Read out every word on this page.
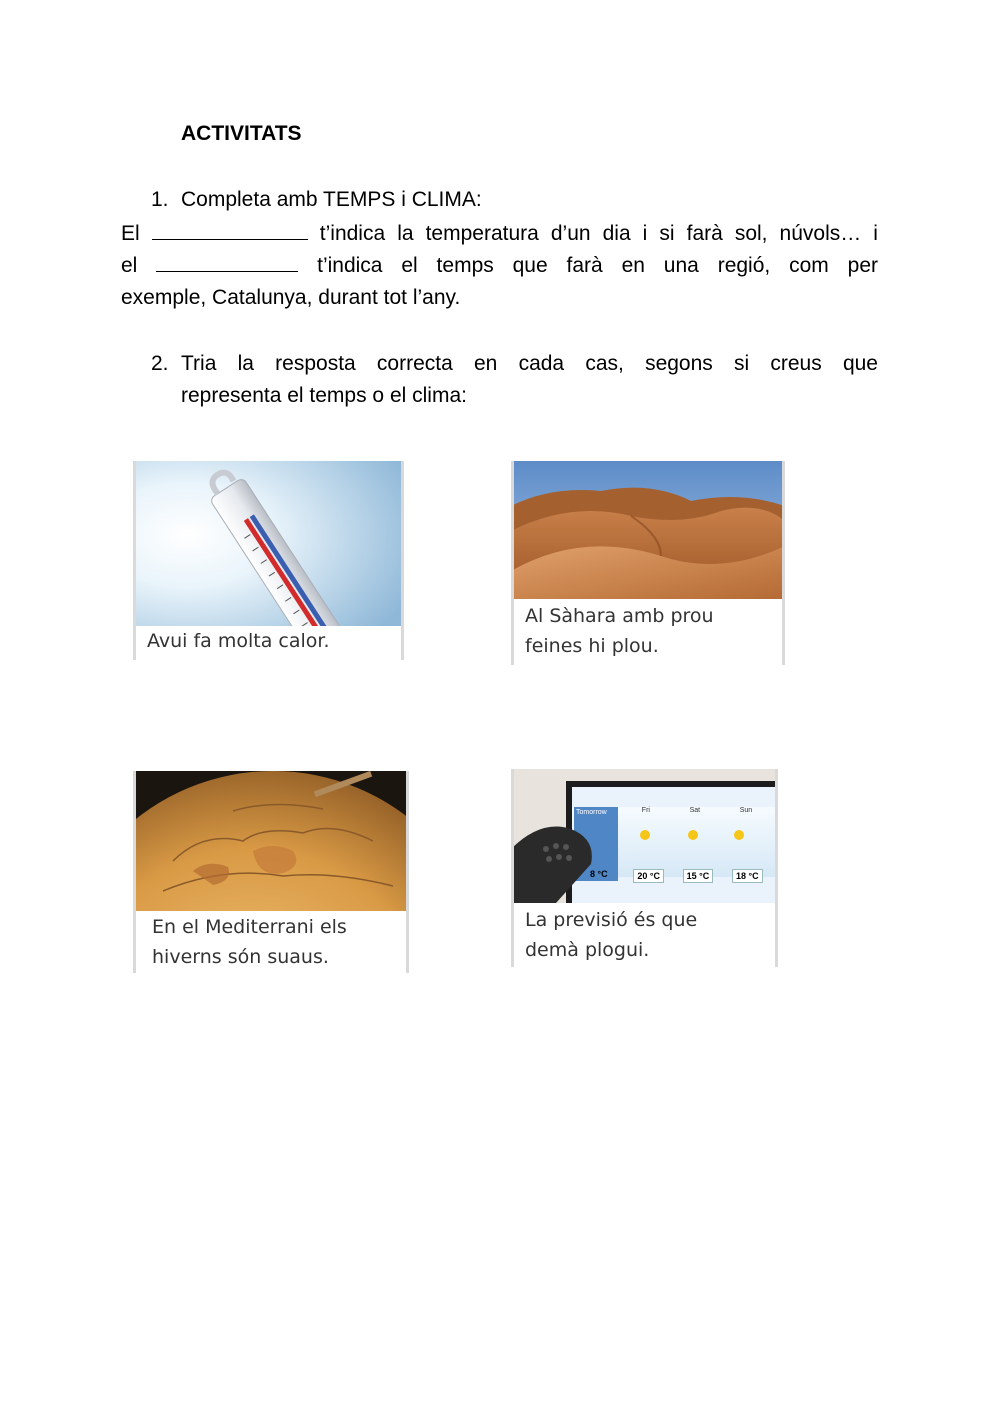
ACTIVITATS
1. Completa amb TEMPS i CLIMA:
El	t’indica la temperatura d’un dia i si farà sol, núvols… i
el	t’indica el temps que farà en una regió, com per
exemple, Catalunya, durant tot l’any.
2. Tria la resposta correcta en cada cas, segons si creus que
representa el temps o el clima:
Avui fa molta calor.
Al Sàhara amb prou
feines hi plou.
En el Mediterrani els
hiverns són suaus.
Tomorrow	Fri	Sat	Sun
20 °C	15 °C	18 °C
8 °C
La previsió és que
demà plogui.
